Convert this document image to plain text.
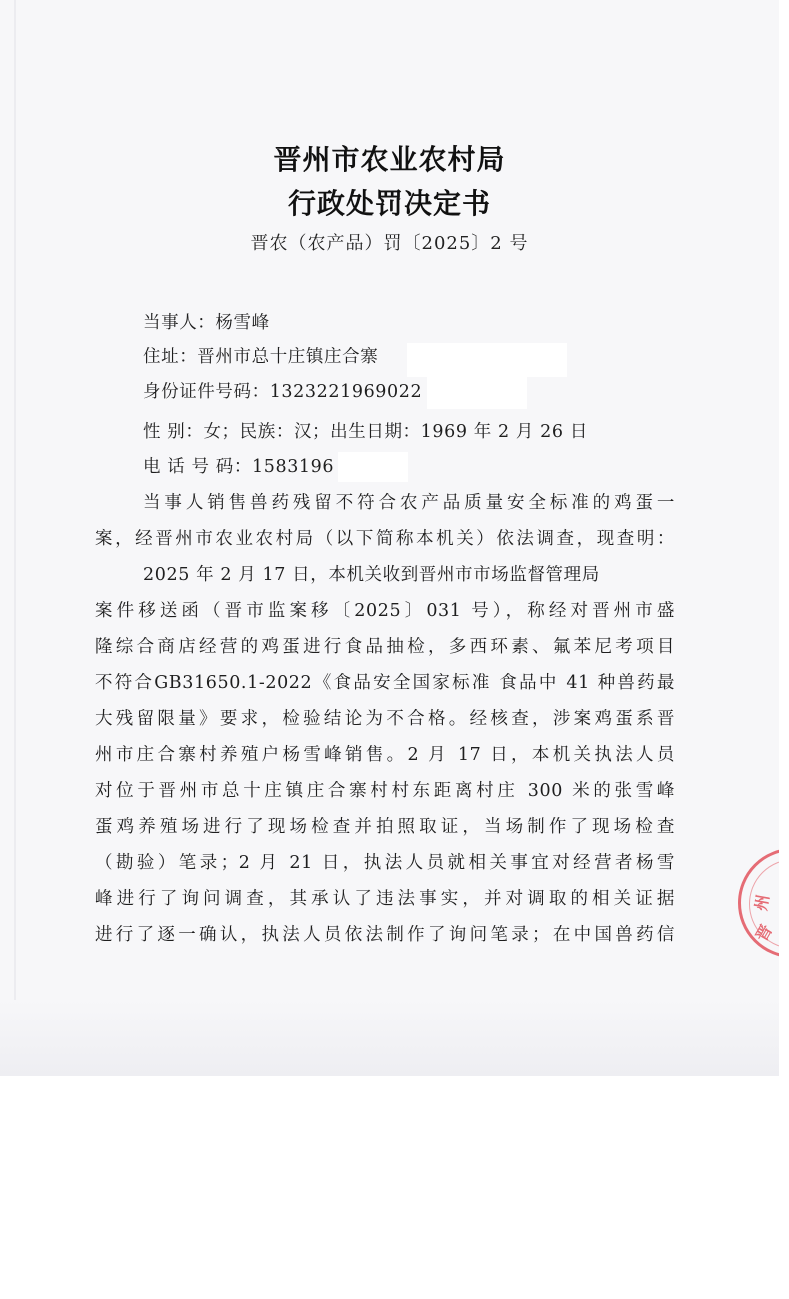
晋州市农业农村局
行政处罚决定书
晋农（农产品）罚〔2025〕2 号
当事人：杨雪峰
住址：晋州市总十庄镇庄合寨
身份证件号码：1323221969022
性 别：女；民族：汉；出生日期：1969 年 2 月 26 日
电 话 号 码：1583196
当事人销售兽药残留不符合农产品质量安全标准的鸡蛋一
案，经晋州市农业农村局（以下简称本机关）依法调查，现查明：
2025 年 2 月 17 日，本机关收到晋州市市场监督管理局
案件移送函（晋市监案移〔2025〕031 号），称经对晋州市盛
隆综合商店经营的鸡蛋进行食品抽检，多西环素、氟苯尼考项目
不符合GB31650.1-2022《食品安全国家标准 食品中 41 种兽药最
大残留限量》要求，检验结论为不合格。经核查，涉案鸡蛋系晋
州市庄合寨村养殖户杨雪峰销售。2 月 17 日，本机关执法人员
对位于晋州市总十庄镇庄合寨村村东距离村庄 300 米的张雪峰
蛋鸡养殖场进行了现场检查并拍照取证，当场制作了现场检查
（勘验）笔录；2 月 21 日，执法人员就相关事宜对经营者杨雪
峰进行了询问调查，其承认了违法事实，并对调取的相关证据
进行了逐一确认，执法人员依法制作了询问笔录；在中国兽药信
州
晋
